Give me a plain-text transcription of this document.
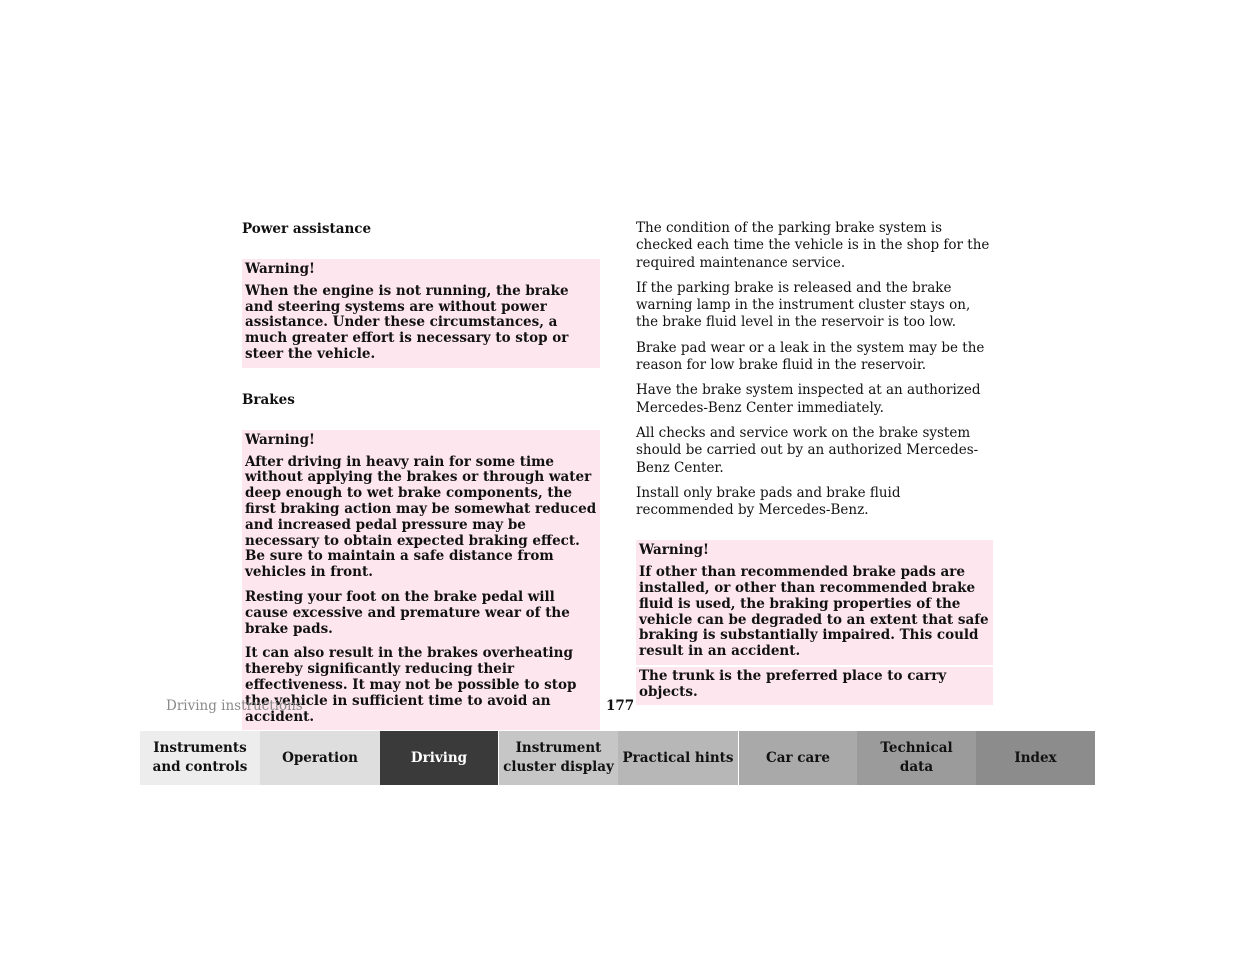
Power assistance

Warning!

When the engine is not running, the brake and steering systems are without power assistance. Under these circumstances, a much greater effort is necessary to stop or steer the vehicle.

Brakes

Warning!

After driving in heavy rain for some time without applying the brakes or through water deep enough to wet brake components, the first braking action may be somewhat reduced and increased pedal pressure may be necessary to obtain expected braking effect. Be sure to maintain a safe distance from vehicles in front.

Resting your foot on the brake pedal will cause excessive and premature wear of the brake pads.

It can also result in the brakes overheating thereby significantly reducing their effectiveness. It may not be possible to stop the vehicle in sufficient time to avoid an accident.

The condition of the parking brake system is checked each time the vehicle is in the shop for the required maintenance service.

If the parking brake is released and the brake warning lamp in the instrument cluster stays on, the brake fluid level in the reservoir is too low.

Brake pad wear or a leak in the system may be the reason for low brake fluid in the reservoir.

Have the brake system inspected at an authorized Mercedes-Benz Center immediately.

All checks and service work on the brake system should be carried out by an authorized Mercedes-Benz Center.

Install only brake pads and brake fluid recommended by Mercedes-Benz.

Warning!

If other than recommended brake pads are installed, or other than recommended brake fluid is used, the braking properties of the vehicle can be degraded to an extent that safe braking is substantially impaired. This could result in an accident.

The trunk is the preferred place to carry objects.
Driving instructions	177
Instruments
and controls
Operation	Driving
Instrument
cluster display
Practical hints	Car care
Technical
data
Index
